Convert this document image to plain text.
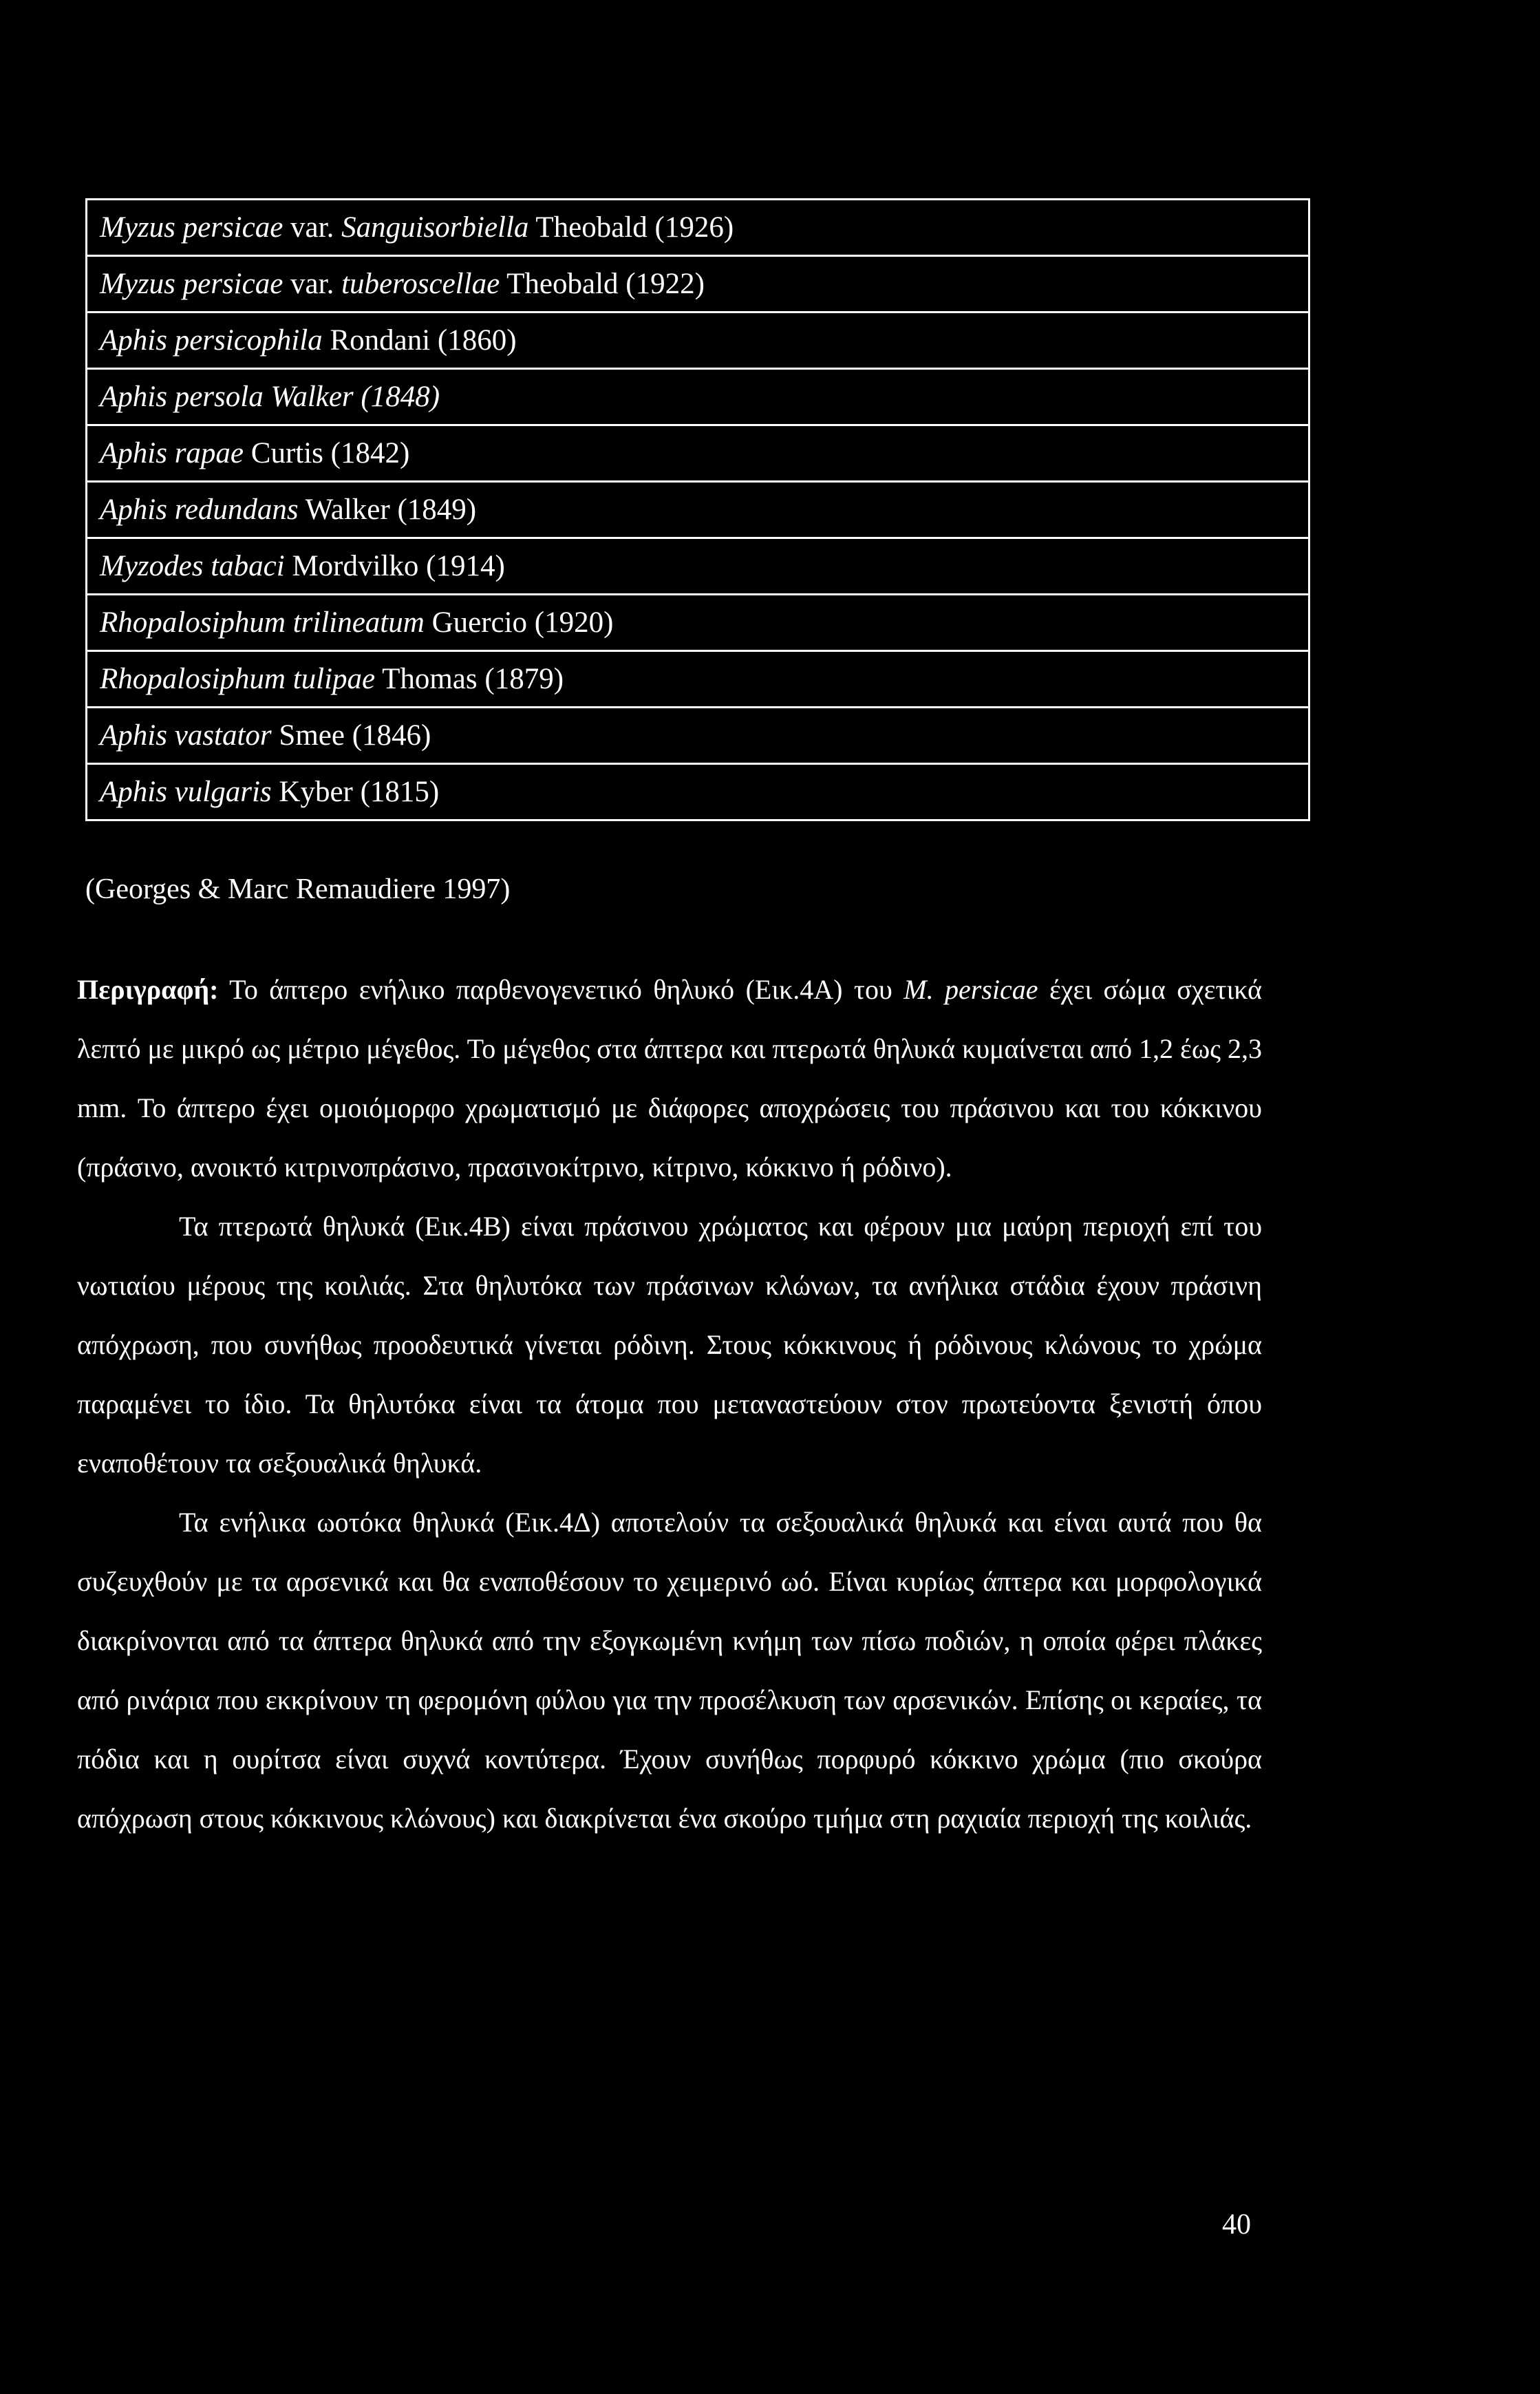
Myzus persicae var. Sanguisorbiella Theobald (1926)
Myzus persicae var. tuberoscellae Theobald (1922)
Aphis persicophila Rondani (1860)
Aphis persola Walker (1848)
Aphis rapae Curtis (1842)
Aphis redundans Walker (1849)
Myzodes tabaci Mordvilko (1914)
Rhopalosiphum trilineatum Guercio (1920)
Rhopalosiphum tulipae Thomas (1879)
Aphis vastator Smee (1846)
Aphis vulgaris Kyber (1815)
(Georges & Marc Remaudiere 1997)

Περιγραφή: Το άπτερο ενήλικο παρθενογενετικό θηλυκό (Εικ.4Α) του M. persicae έχει σώμα σχετικά λεπτό με μικρό ως μέτριο μέγεθος. Το μέγεθος στα άπτερα και πτερωτά θηλυκά κυμαίνεται από 1,2 έως 2,3 mm. Το άπτερο έχει ομοιόμορφο χρωματισμό με διάφορες αποχρώσεις του πράσινου και του κόκκινου (πράσινο, ανοικτό κιτρινοπράσινο, πρασινοκίτρινο, κίτρινο, κόκκινο ή ρόδινο).

Τα πτερωτά θηλυκά (Εικ.4Β) είναι πράσινου χρώματος και φέρουν μια μαύρη περιοχή επί του νωτιαίου μέρους της κοιλιάς. Στα θηλυτόκα των πράσινων κλώνων, τα ανήλικα στάδια έχουν πράσινη απόχρωση, που συνήθως προοδευτικά γίνεται ρόδινη. Στους κόκκινους ή ρόδινους κλώνους το χρώμα παραμένει το ίδιο. Τα θηλυτόκα είναι τα άτομα που μεταναστεύουν στον πρωτεύοντα ξενιστή όπου εναποθέτουν τα σεξουαλικά θηλυκά.

Τα ενήλικα ωοτόκα θηλυκά (Εικ.4Δ) αποτελούν τα σεξουαλικά θηλυκά και είναι αυτά που θα συζευχθούν με τα αρσενικά και θα εναποθέσουν το χειμερινό ωό. Είναι κυρίως άπτερα και μορφολογικά διακρίνονται από τα άπτερα θηλυκά από την εξογκωμένη κνήμη των πίσω ποδιών, η οποία φέρει πλάκες από ρινάρια που εκκρίνουν τη φερομόνη φύλου για την προσέλκυση των αρσενικών. Επίσης οι κεραίες, τα πόδια και η ουρίτσα είναι συχνά κοντύτερα. Έχουν συνήθως πορφυρό κόκκινο χρώμα (πιο σκούρα απόχρωση στους κόκκινους κλώνους) και διακρίνεται ένα σκούρο τμήμα στη ραχιαία περιοχή της κοιλιάς.

40
